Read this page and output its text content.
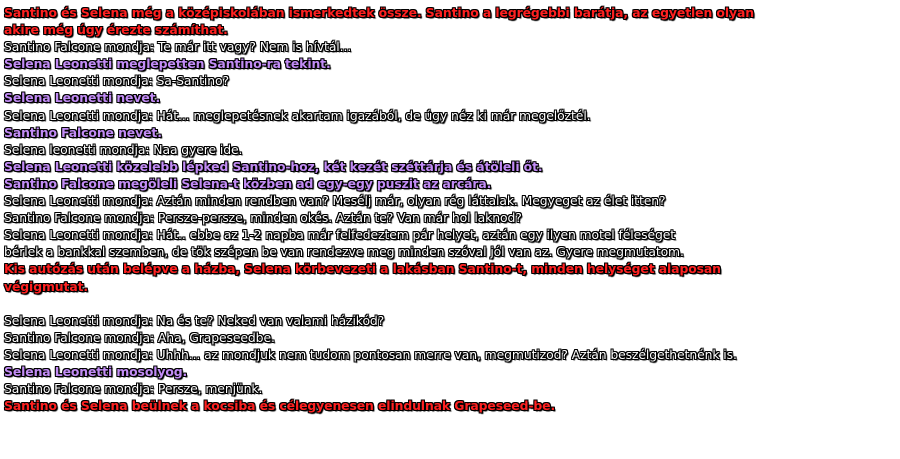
Santino és Selena még a középiskolában ismerkedtek össze. Santino a legrégebbi barátja, az egyetlen olyan
akire még úgy érezte számíthat.
Santino Falcone mondja: Te már itt vagy? Nem is hívtál...
Selena Leonetti meglepetten Santino-ra tekint.
Selena Leonetti mondja: Sa-Santino?
Selena Leonetti nevet.
Selena Leonetti mondja: Hát... meglepetésnek akartam igazából, de úgy néz ki már megelőztél.
Santino Falcone nevet.
Selena leonetti mondja: Naa gyere ide.
Selena Leonetti közelebb lépked Santino-hoz, két kezét széttárja és átöleli őt.
Santino Falcone megöleli Selena-t közben ad egy-egy puszit az arcára.
Selena Leonetti mondja: Aztán minden rendben van? Mesélj már, olyan rég láttalak. Megyeget az élet itten?
Santino Falcone mondja: Persze-persze, minden okés. Aztán te? Van már hol laknod?
Selena Leonetti mondja: Hát.. ebbe az 1-2 napba már felfedeztem pár helyet, aztán egy ilyen motel féleséget
bérlek a bankkal szemben, de tök szépen be van rendezve meg minden szóval jól van az. Gyere megmutatom.
Kis autózás után belépve a házba, Selena körbevezeti a lakásban Santino-t, minden helységet alaposan
végigmutat.
Selena Leonetti mondja: Na és te? Neked van valami házikód?
Santino Falcone mondja: Aha, Grapeseedbe.
Selena Leonetti mondja: Uhhh... az mondjuk nem tudom pontosan merre van, megmutizod? Aztán beszélgethetnénk is.
Selena Leonetti mosolyog.
Santino Falcone mondja: Persze, menjünk.
Santino és Selena beülnek a kocsiba és célegyenesen elindulnak Grapeseed-be.
